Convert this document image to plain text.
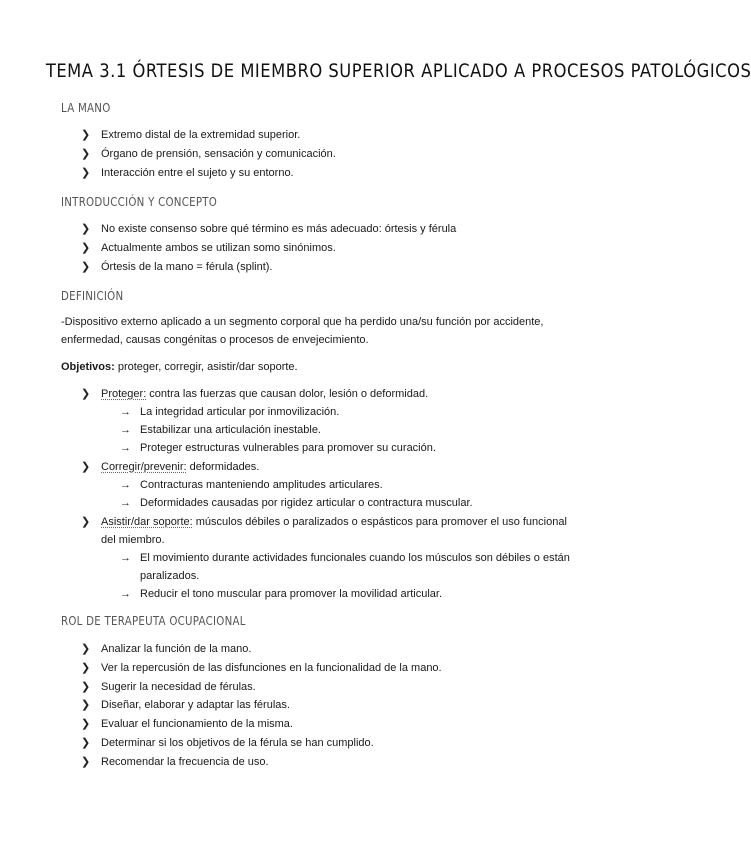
TEMA 3.1 ÓRTESIS DE MIEMBRO SUPERIOR APLICADO A PROCESOS PATOLÓGICOS
LA MANO
❯ Extremo distal de la extremidad superior.
❯ Órgano de prensión, sensación y comunicación.
❯ Interacción entre el sujeto y su entorno.
INTRODUCCIÓN Y CONCEPTO
❯ No existe consenso sobre qué término es más adecuado: órtesis y férula
❯ Actualmente ambos se utilizan somo sinónimos.
❯ Órtesis de la mano = férula (splint).
DEFINICIÓN
-Dispositivo externo aplicado a un segmento corporal que ha perdido una/su función por accidente,
enfermedad, causas congénitas o procesos de envejecimiento.
Objetivos: proteger, corregir, asistir/dar soporte.
❯ Proteger: contra las fuerzas que causan dolor, lesión o deformidad.
→ La integridad articular por inmovilización.
→ Estabilizar una articulación inestable.
→ Proteger estructuras vulnerables para promover su curación.
❯ Corregir/prevenir: deformidades.
→ Contracturas manteniendo amplitudes articulares.
→ Deformidades causadas por rigidez articular o contractura muscular.
❯ Asistir/dar soporte: músculos débiles o paralizados o espásticos para promover el uso funcional
del miembro.
→ El movimiento durante actividades funcionales cuando los músculos son débiles o están
paralizados.
→ Reducir el tono muscular para promover la movilidad articular.
ROL DE TERAPEUTA OCUPACIONAL
❯ Analizar la función de la mano.
❯ Ver la repercusión de las disfunciones en la funcionalidad de la mano.
❯ Sugerir la necesidad de férulas.
❯ Diseñar, elaborar y adaptar las férulas.
❯ Evaluar el funcionamiento de la misma.
❯ Determinar si los objetivos de la férula se han cumplido.
❯ Recomendar la frecuencia de uso.
